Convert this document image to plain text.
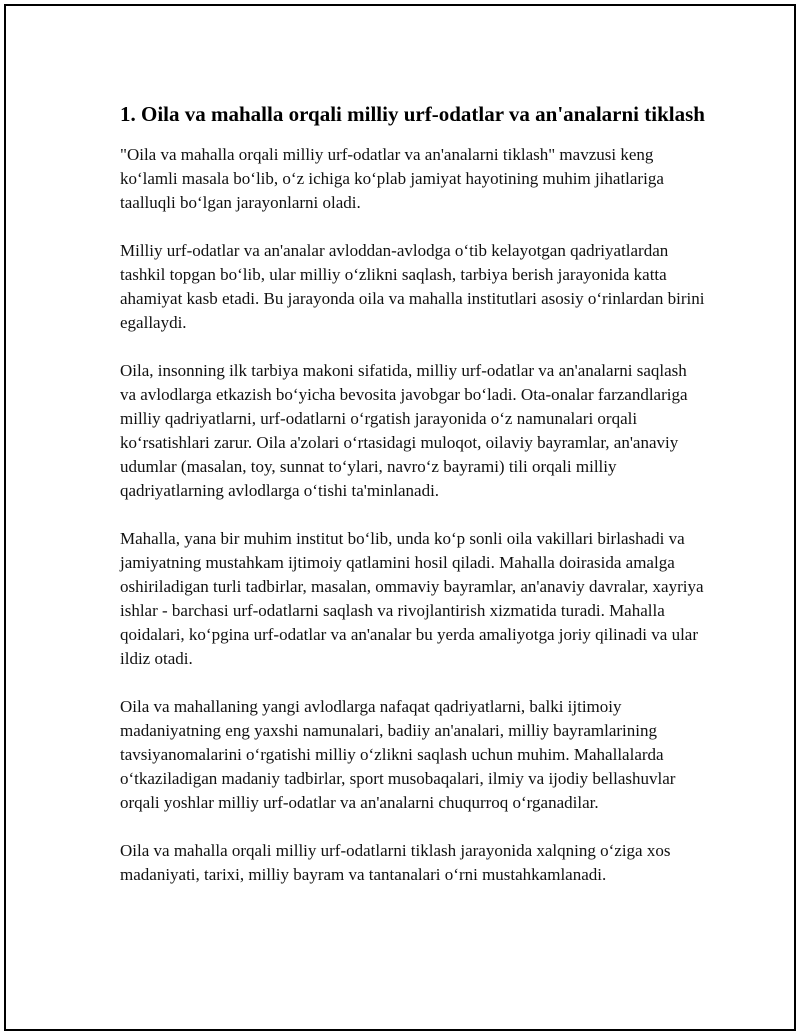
1. Oila va mahalla orqali milliy urf-odatlar va an'analarni tiklash

"Oila va mahalla orqali milliy urf-odatlar va an'analarni tiklash" mavzusi keng ko‘lamli masala bo‘lib, o‘z ichiga ko‘plab jamiyat hayotining muhim jihatlariga taalluqli bo‘lgan jarayonlarni oladi.

Milliy urf-odatlar va an'analar avloddan-avlodga o‘tib kelayotgan qadriyatlardan tashkil topgan bo‘lib, ular milliy o‘zlikni saqlash, tarbiya berish jarayonida katta ahamiyat kasb etadi. Bu jarayonda oila va mahalla institutlari asosiy o‘rinlardan birini egallaydi.

Oila, insonning ilk tarbiya makoni sifatida, milliy urf-odatlar va an'analarni saqlash va avlodlarga etkazish bo‘yicha bevosita javobgar bo‘ladi. Ota-onalar farzandlariga milliy qadriyatlarni, urf-odatlarni o‘rgatish jarayonida o‘z namunalari orqali ko‘rsatishlari zarur. Oila a'zolari o‘rtasidagi muloqot, oilaviy bayramlar, an'anaviy udumlar (masalan, toy, sunnat to‘ylari, navro‘z bayrami) tili orqali milliy qadriyatlarning avlodlarga o‘tishi ta'minlanadi.

Mahalla, yana bir muhim institut bo‘lib, unda ko‘p sonli oila vakillari birlashadi va jamiyatning mustahkam ijtimoiy qatlamini hosil qiladi. Mahalla doirasida amalga oshiriladigan turli tadbirlar, masalan, ommaviy bayramlar, an'anaviy davralar, xayriya ishlar - barchasi urf-odatlarni saqlash va rivojlantirish xizmatida turadi. Mahalla qoidalari, ko‘pgina urf-odatlar va an'analar bu yerda amaliyotga joriy qilinadi va ular ildiz otadi.

Oila va mahallaning yangi avlodlarga nafaqat qadriyatlarni, balki ijtimoiy madaniyatning eng yaxshi namunalari, badiiy an'analari, milliy bayramlarining tavsiyanomalarini o‘rgatishi milliy o‘zlikni saqlash uchun muhim. Mahallalarda o‘tkaziladigan madaniy tadbirlar, sport musobaqalari, ilmiy va ijodiy bellashuvlar orqali yoshlar milliy urf-odatlar va an'analarni chuqurroq o‘rganadilar.

Oila va mahalla orqali milliy urf-odatlarni tiklash jarayonida xalqning o‘ziga xos madaniyati, tarixi, milliy bayram va tantanalari o‘rni mustahkamlanadi.
